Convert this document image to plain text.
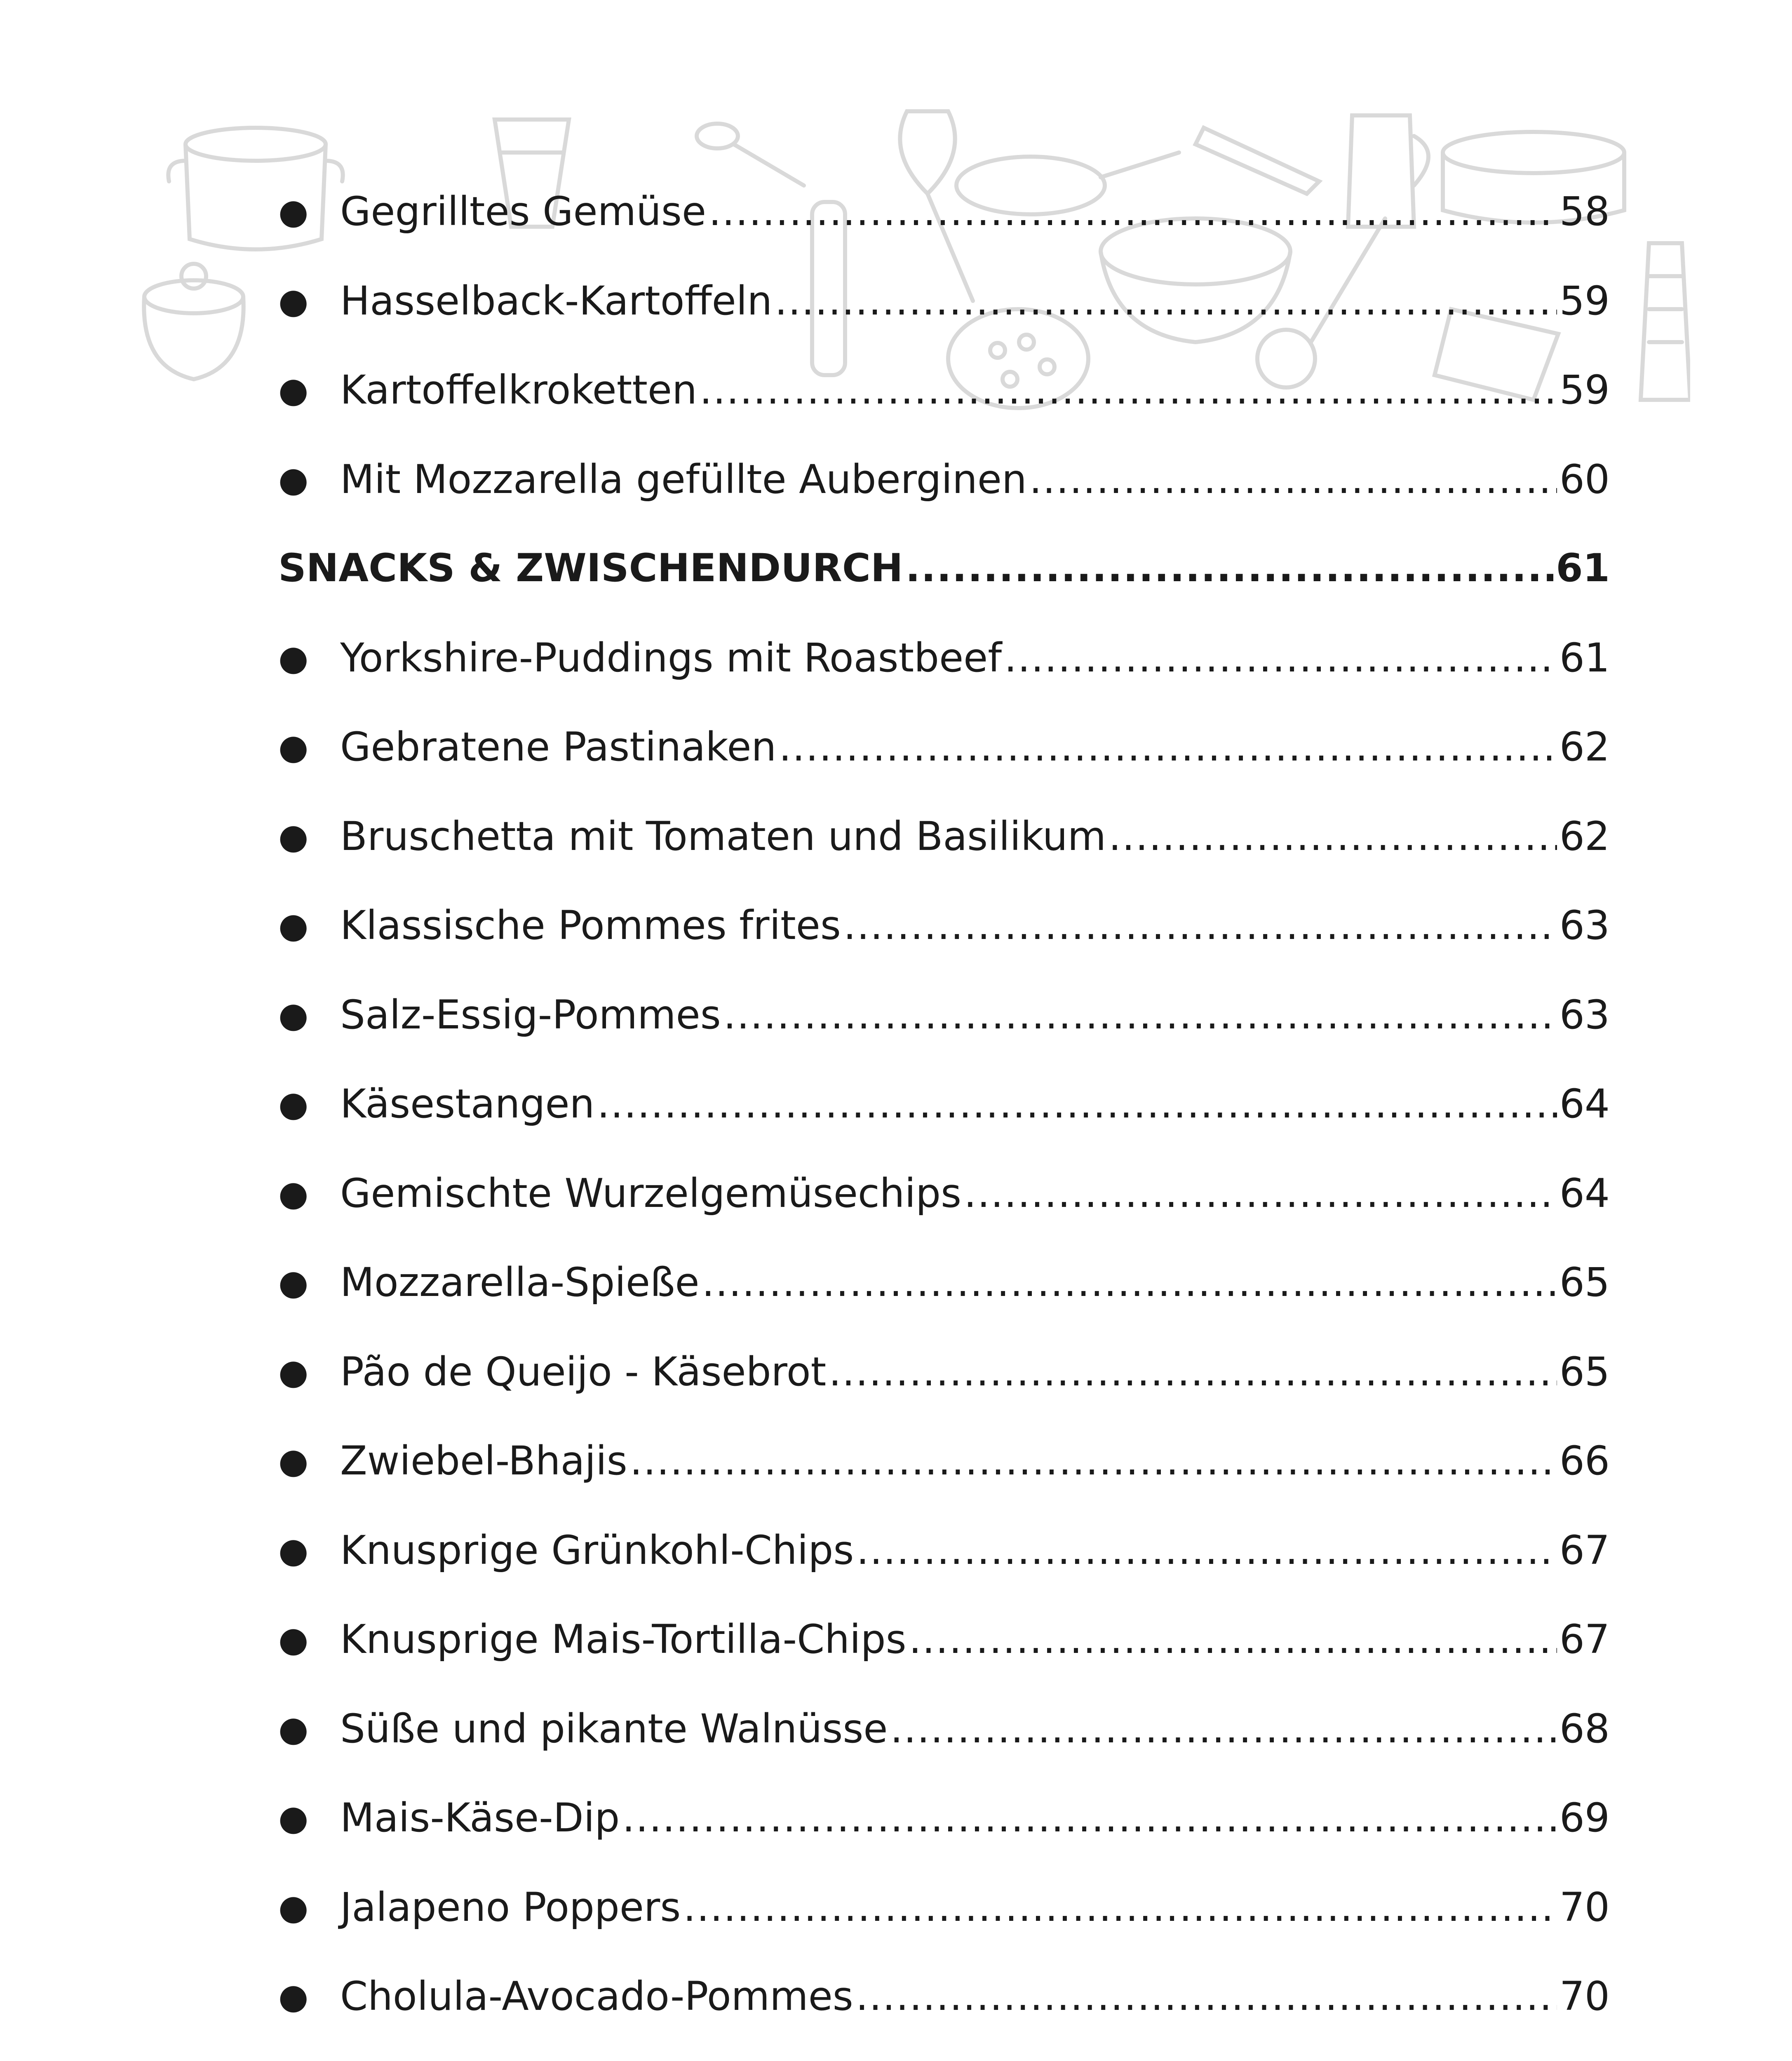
● Gegrilltes Gemüse .....	58
● Hasselback-Kartoffeln .....	59
● Kartoffelkroketten .....	59
● Mit Mozzarella gefüllte Auberginen .....	60
SNACKS & ZWISCHENDURCH .....	61
● Yorkshire-Puddings mit Roastbeef .....	61
● Gebratene Pastinaken .....	62
● Bruschetta mit Tomaten und Basilikum .....	62
● Klassische Pommes frites .....	63
● Salz-Essig-Pommes .....	63
● Käsestangen .....	64
● Gemischte Wurzelgemüsechips .....	64
● Mozzarella-Spieße .....	65
● Pão de Queijo - Käsebrot .....	65
● Zwiebel-Bhajis .....	66
● Knusprige Grünkohl-Chips .....	67
● Knusprige Mais-Tortilla-Chips .....	67
● Süße und pikante Walnüsse .....	68
● Mais-Käse-Dip .....	69
● Jalapeno Poppers .....	70
● Cholula-Avocado-Pommes .....	70
